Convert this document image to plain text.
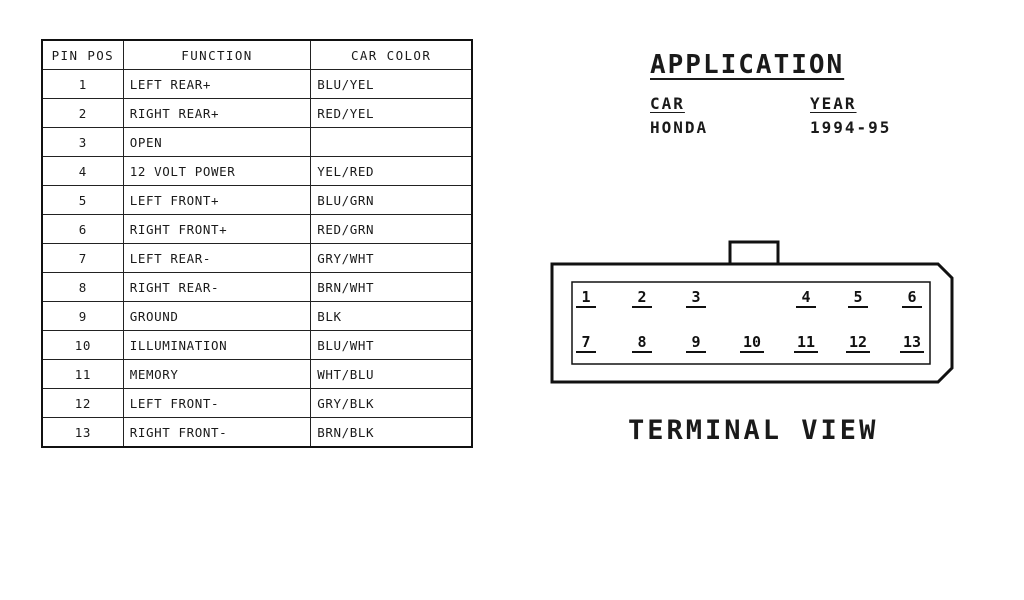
PIN POS	FUNCTION	CAR COLOR
1	LEFT REAR+	BLU/YEL
2	RIGHT REAR+	RED/YEL
3	OPEN	
4	12 VOLT POWER	YEL/RED
5	LEFT FRONT+	BLU/GRN
6	RIGHT FRONT+	RED/GRN
7	LEFT REAR-	GRY/WHT
8	RIGHT REAR-	BRN/WHT
9	GROUND	BLK
10	ILLUMINATION	BLU/WHT
11	MEMORY	WHT/BLU
12	LEFT FRONT-	GRY/BLK
13	RIGHT FRONT-	BRN/BLK
APPLICATION
CAR
HONDA
YEAR
1994-95
1	2	3	4	5	6
7	8	9	10 11 12 13
TERMINAL VIEW
